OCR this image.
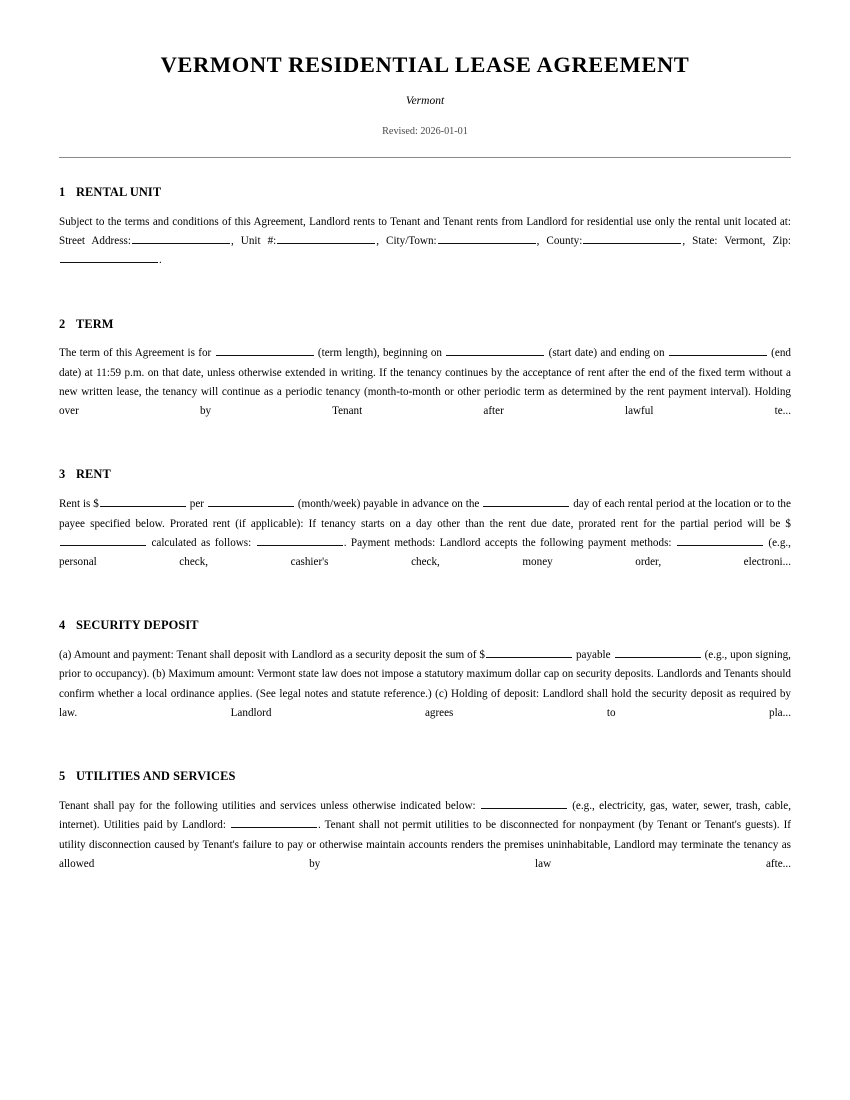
VERMONT RESIDENTIAL LEASE AGREEMENT
Vermont
Revised: 2026-01-01
1 RENTAL UNIT

Subject to the terms and conditions of this Agreement, Landlord rents to Tenant and Tenant rents from Landlord for residential use only the rental unit located at: Street Address:	, Unit #:	, City/Town:	, County:	, State: Vermont, Zip:.

2 TERM

The term of this Agreement is for	(term length), beginning on	(start date) and ending on	(end date) at 11:59 p.m. on that date, unless otherwise extended in writing. If the tenancy continues by the acceptance of rent after the end of the fixed term without a new written lease, the tenancy will continue as a periodic tenancy (month-to-month or other periodic term as determined by the rent payment interval). Holding over by Tenant after lawful te...

3 RENT

Rent is $	per	(month/week) payable in advance on the	day of each rental period at the location or to the payee specified below. Prorated rent (if applicable): If tenancy starts on a day other than the rent due date, prorated rent for the partial period will be $ calculated as follows:	. Payment methods: Landlord accepts the following payment methods:	(e.g., personal check, cashier's check, money order, electroni...

4 SECURITY DEPOSIT

(a) Amount and payment: Tenant shall deposit with Landlord as a security deposit the sum of $	payable	(e.g., upon signing, prior to occupancy). (b) Maximum amount: Vermont state law does not impose a statutory maximum dollar cap on security deposits. Landlords and Tenants should confirm whether a local ordinance applies. (See legal notes and statute reference.) (c) Holding of deposit: Landlord shall hold the security deposit as required by law. Landlord agrees to pla...

5 UTILITIES AND SERVICES

Tenant shall pay for the following utilities and services unless otherwise indicated below:	(e.g., electricity, gas, water, sewer, trash, cable, internet). Utilities paid by Landlord:	. Tenant shall not permit utilities to be disconnected for nonpayment (by Tenant or Tenant's guests). If utility disconnection caused by Tenant's failure to pay or otherwise maintain accounts renders the premises uninhabitable, Landlord may terminate the tenancy as allowed by law afte...
